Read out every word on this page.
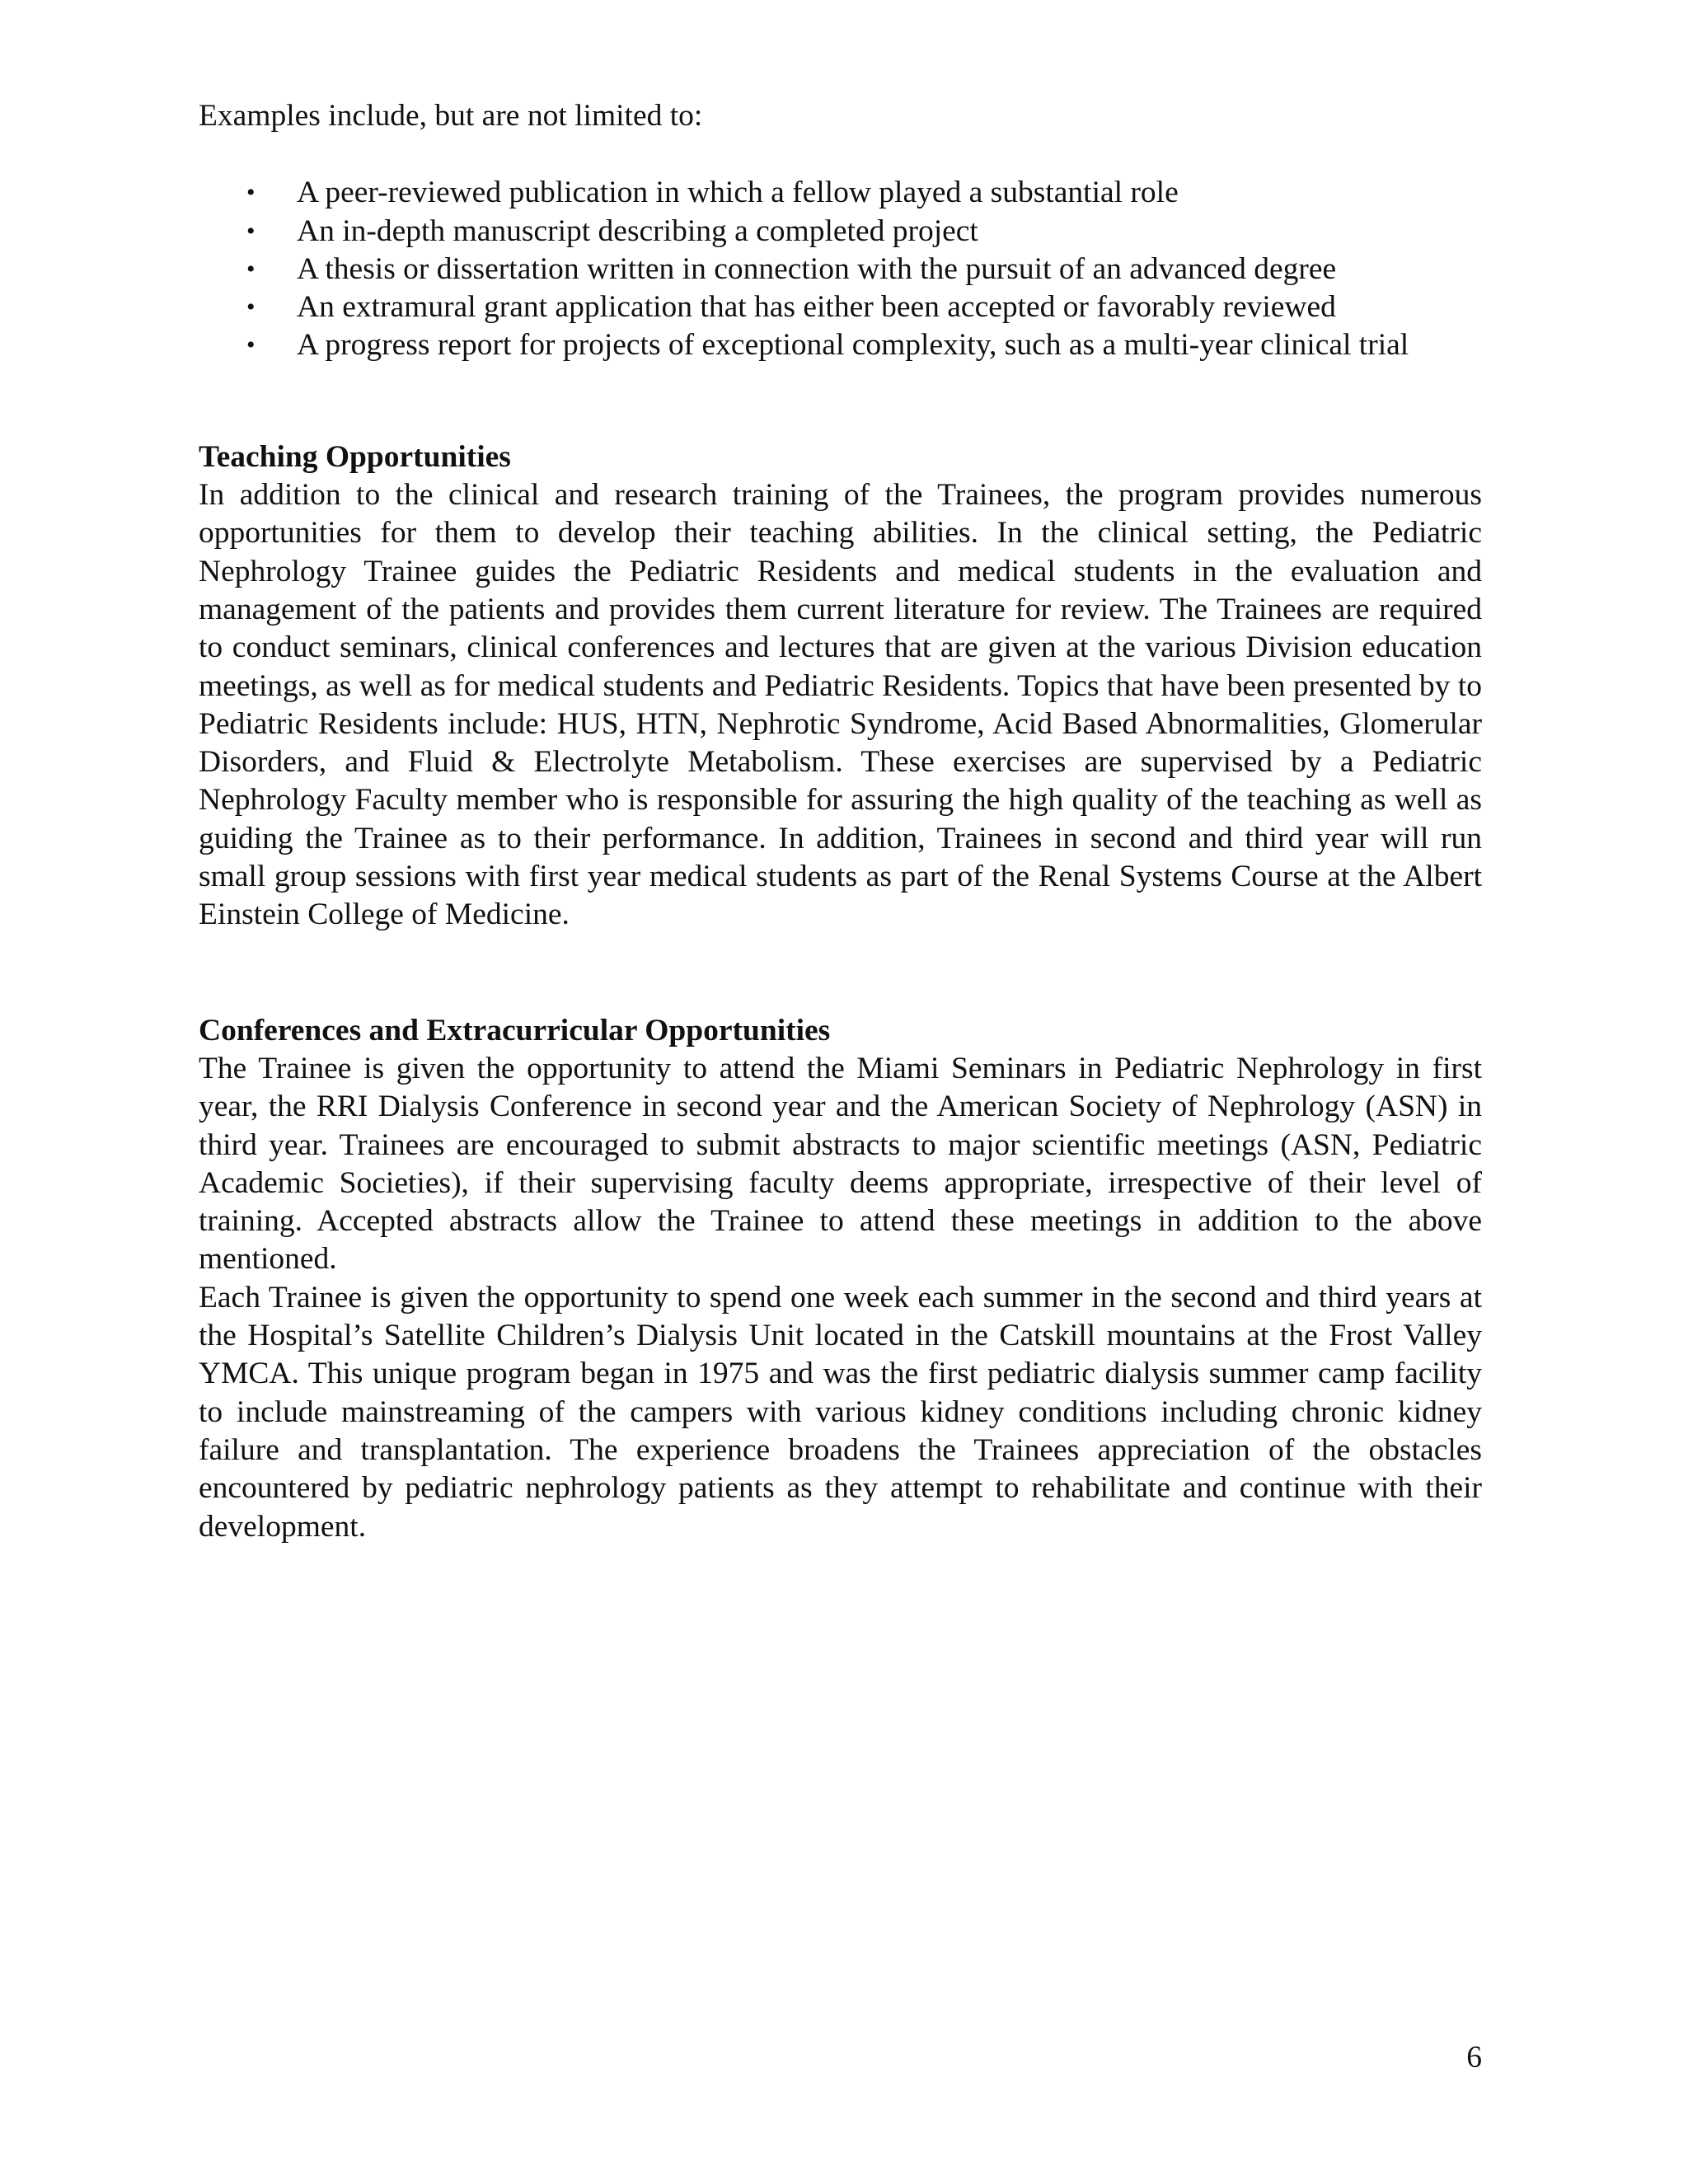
Examples include, but are not limited to:

• A peer-reviewed publication in which a fellow played a substantial role
• An in-depth manuscript describing a completed project
• A thesis or dissertation written in connection with the pursuit of an advanced degree
• An extramural grant application that has either been accepted or favorably reviewed
• A progress report for projects of exceptional complexity, such as a multi-year clinical trial
Teaching Opportunities

In addition to the clinical and research training of the Trainees, the program provides numerous opportunities for them to develop their teaching abilities. In the clinical setting, the Pediatric Nephrology Trainee guides the Pediatric Residents and medical students in the evaluation and management of the patients and provides them current literature for review. The Trainees are required to conduct seminars, clinical conferences and lectures that are given at the various Division education meetings, as well as for medical students and Pediatric Residents. Topics that have been presented by to Pediatric Residents include: HUS, HTN, Nephrotic Syndrome, Acid Based Abnormalities, Glomerular Disorders, and Fluid & Electrolyte Metabolism. These exercises are supervised by a Pediatric Nephrology Faculty member who is responsible for assuring the high quality of the teaching as well as guiding the Trainee as to their performance. In addition, Trainees in second and third year will run small group sessions with first year medical students as part of the Renal Systems Course at the Albert Einstein College of Medicine.

Conferences and Extracurricular Opportunities

The Trainee is given the opportunity to attend the Miami Seminars in Pediatric Nephrology in first year, the RRI Dialysis Conference in second year and the American Society of Nephrology (ASN) in third year. Trainees are encouraged to submit abstracts to major scientific meetings (ASN, Pediatric Academic Societies), if their supervising faculty deems appropriate, irrespective of their level of training. Accepted abstracts allow the Trainee to attend these meetings in addition to the above mentioned.

Each Trainee is given the opportunity to spend one week each summer in the second and third years at the Hospital’s Satellite Children’s Dialysis Unit located in the Catskill mountains at the Frost Valley YMCA. This unique program began in 1975 and was the first pediatric dialysis summer camp facility to include mainstreaming of the campers with various kidney conditions including chronic kidney failure and transplantation. The experience broadens the Trainees appreciation of the obstacles encountered by pediatric nephrology patients as they attempt to rehabilitate and continue with their development.

6
